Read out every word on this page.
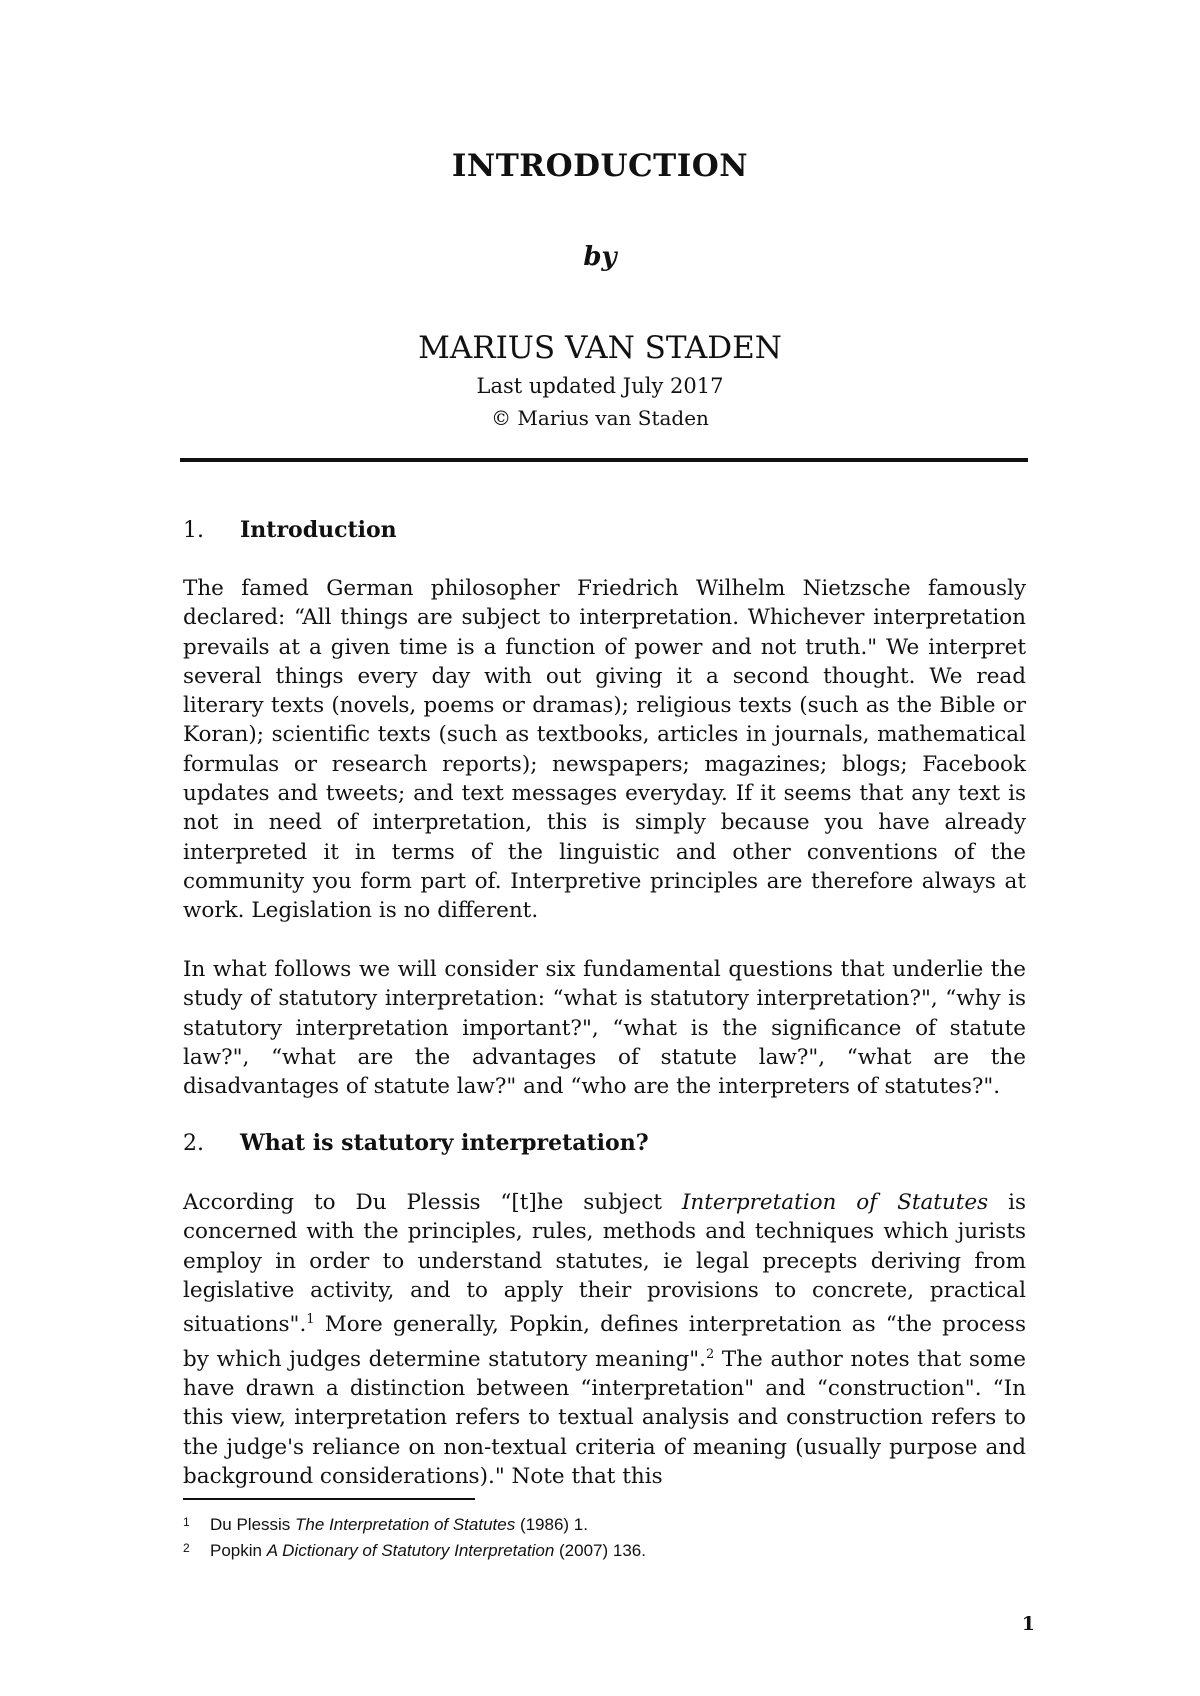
INTRODUCTION
by
MARIUS VAN STADEN
Last updated July 2017
© Marius van Staden
1. Introduction

The famed German philosopher Friedrich Wilhelm Nietzsche famously declared: “All things are subject to interpretation. Whichever interpretation prevails at a given time is a function of power and not truth." We interpret several things every day with out giving it a second thought. We read literary texts (novels, poems or dramas); religious texts (such as the Bible or Koran); scientific texts (such as textbooks, articles in journals, mathematical formulas or research reports); newspapers; magazines; blogs; Facebook updates and tweets; and text messages everyday. If it seems that any text is not in need of interpretation, this is simply because you have already interpreted it in terms of the linguistic and other conventions of the community you form part of. Interpretive principles are therefore always at work. Legislation is no different.

In what follows we will consider six fundamental questions that underlie the study of statutory interpretation: “what is statutory interpretation?", “why is statutory interpretation important?", “what is the significance of statute law?", “what are the advantages of statute law?", “what are the disadvantages of statute law?" and “who are the interpreters of statutes?".

2. What is statutory interpretation?

According to Du Plessis “[t]he subject Interpretation of Statutes is concerned with the principles, rules, methods and techniques which jurists employ in order to understand statutes, ie legal precepts deriving from legislative activity, and to apply their provisions to concrete, practical situations".$^1$ More generally, Popkin, defines interpretation as “the process by which judges determine statutory meaning".$^2$ The author notes that some have drawn a distinction between “interpretation" and “construction". “In this view, interpretation refers to textual analysis and construction refers to the judge's reliance on non-textual criteria of meaning (usually purpose and background considerations)." Note that this

$^1$ Du Plessis The Interpretation of Statutes (1986) 1.
$^2$ Popkin A Dictionary of Statutory Interpretation (2007) 136.
1
